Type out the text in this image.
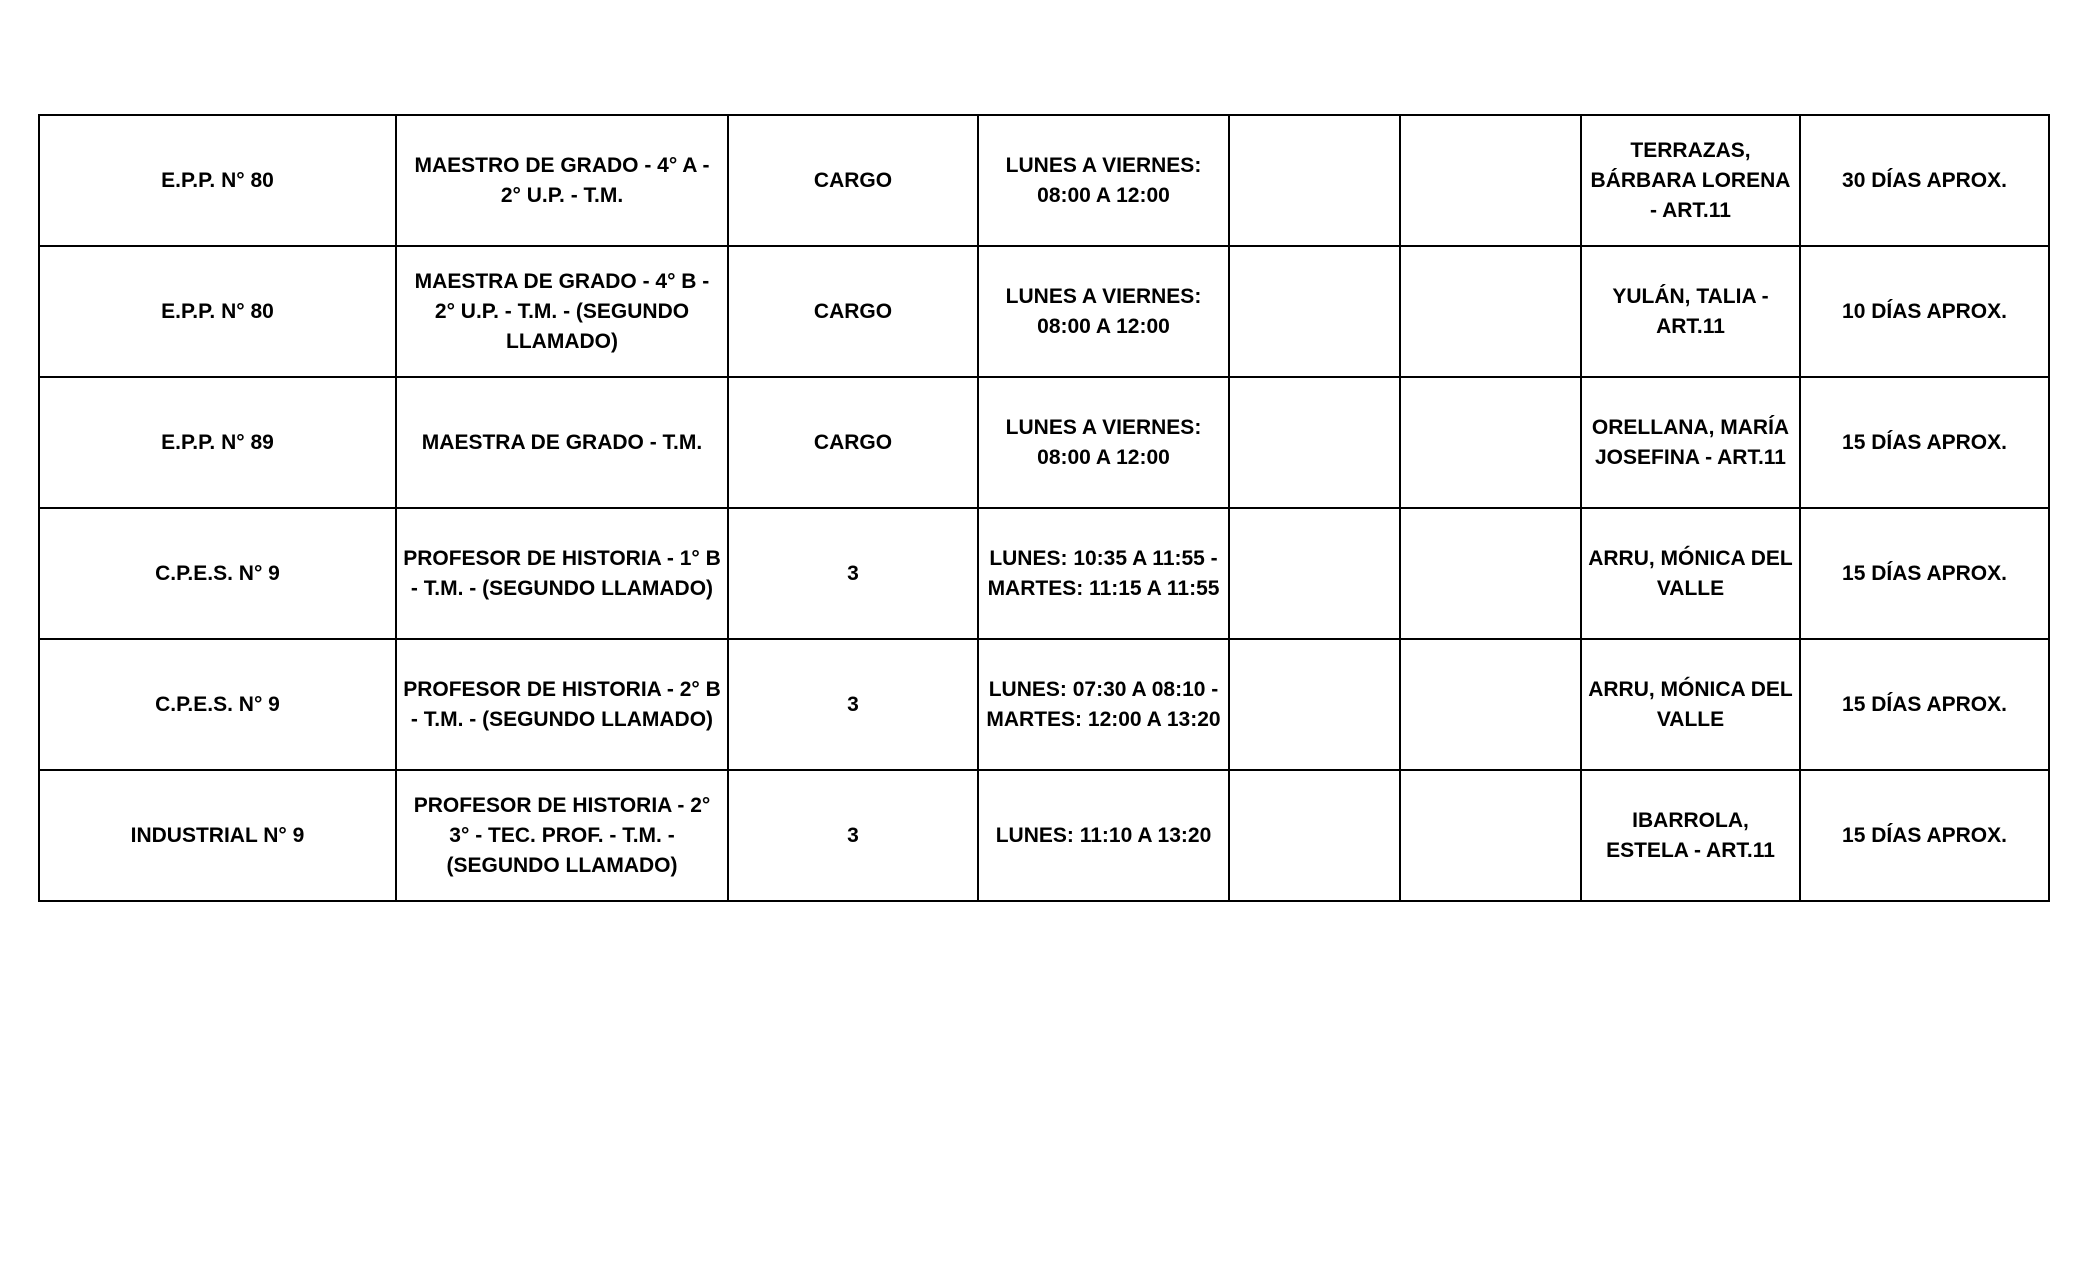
E.P.P. N° 80	MAESTRO DE GRADO - 4° A - 2° U.P. - T.M.	CARGO	LUNES A VIERNES: 08:00 A 12:00			TERRAZAS, BÁRBARA LORENA - ART.11	30 DÍAS APROX.
E.P.P. N° 80	MAESTRA DE GRADO - 4° B - 2° U.P. - T.M. - (SEGUNDO LLAMADO)	CARGO	LUNES A VIERNES: 08:00 A 12:00			YULÁN, TALIA - ART.11	10 DÍAS APROX.
E.P.P. N° 89	MAESTRA DE GRADO - T.M.	CARGO	LUNES A VIERNES: 08:00 A 12:00			ORELLANA, MARÍA JOSEFINA - ART.11	15 DÍAS APROX.
C.P.E.S. N° 9	PROFESOR DE HISTORIA - 1° B - T.M. - (SEGUNDO LLAMADO)	3	LUNES: 10:35 A 11:55 - MARTES: 11:15 A 11:55			ARRU, MÓNICA DEL VALLE	15 DÍAS APROX.
C.P.E.S. N° 9	PROFESOR DE HISTORIA - 2° B - T.M. - (SEGUNDO LLAMADO)	3	LUNES: 07:30 A 08:10 - MARTES: 12:00 A 13:20			ARRU, MÓNICA DEL VALLE	15 DÍAS APROX.
INDUSTRIAL N° 9	PROFESOR DE HISTORIA - 2° 3° - TEC. PROF. - T.M. - (SEGUNDO LLAMADO)	3	LUNES: 11:10 A 13:20			IBARROLA, ESTELA - ART.11	15 DÍAS APROX.
